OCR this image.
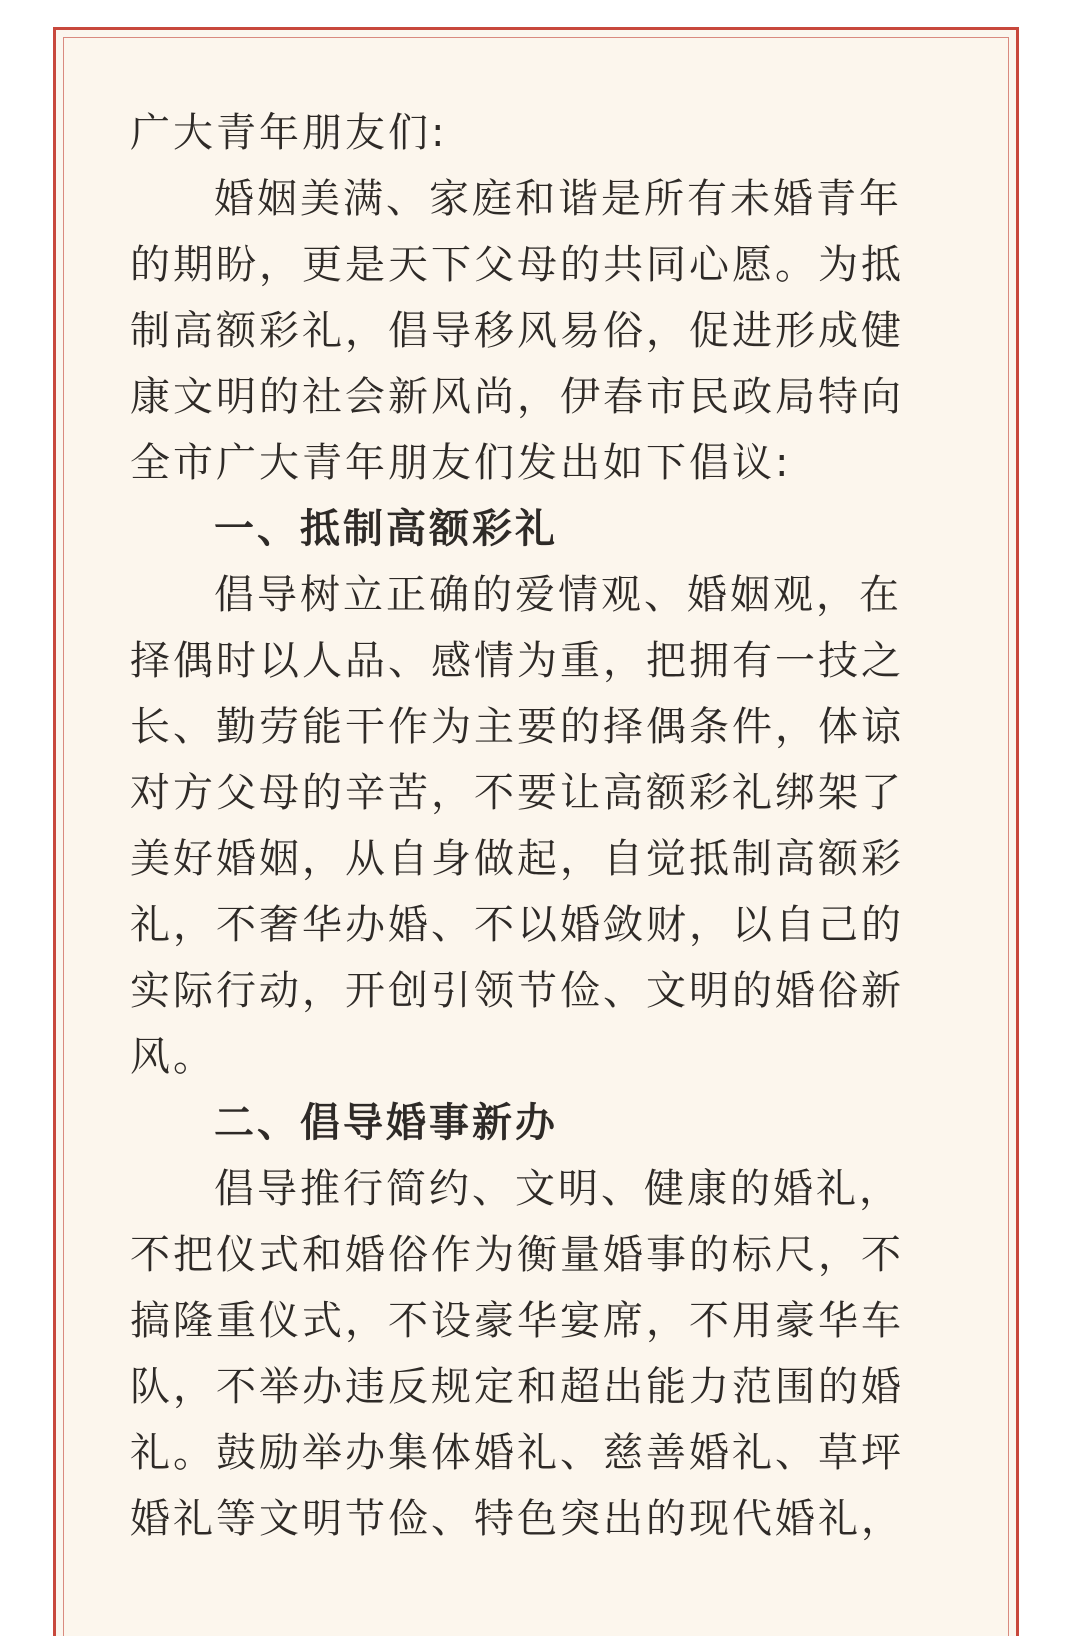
广大青年朋友们:
婚姻美满、家庭和谐是所有未婚青年
的期盼，更是天下父母的共同心愿。为抵
制高额彩礼，倡导移风易俗，促进形成健
康文明的社会新风尚，伊春市民政局特向
全市广大青年朋友们发出如下倡议:
一、抵制高额彩礼
倡导树立正确的爱情观、婚姻观，在
择偶时以人品、感情为重，把拥有一技之
长、勤劳能干作为主要的择偶条件，体谅
对方父母的辛苦，不要让高额彩礼绑架了
美好婚姻，从自身做起，自觉抵制高额彩
礼，不奢华办婚、不以婚敛财，以自己的
实际行动，开创引领节俭、文明的婚俗新
风。
二、倡导婚事新办
倡导推行简约、文明、健康的婚礼，
不把仪式和婚俗作为衡量婚事的标尺，不
搞隆重仪式，不设豪华宴席，不用豪华车
队，不举办违反规定和超出能力范围的婚
礼。鼓励举办集体婚礼、慈善婚礼、草坪
婚礼等文明节俭、特色突出的现代婚礼，
